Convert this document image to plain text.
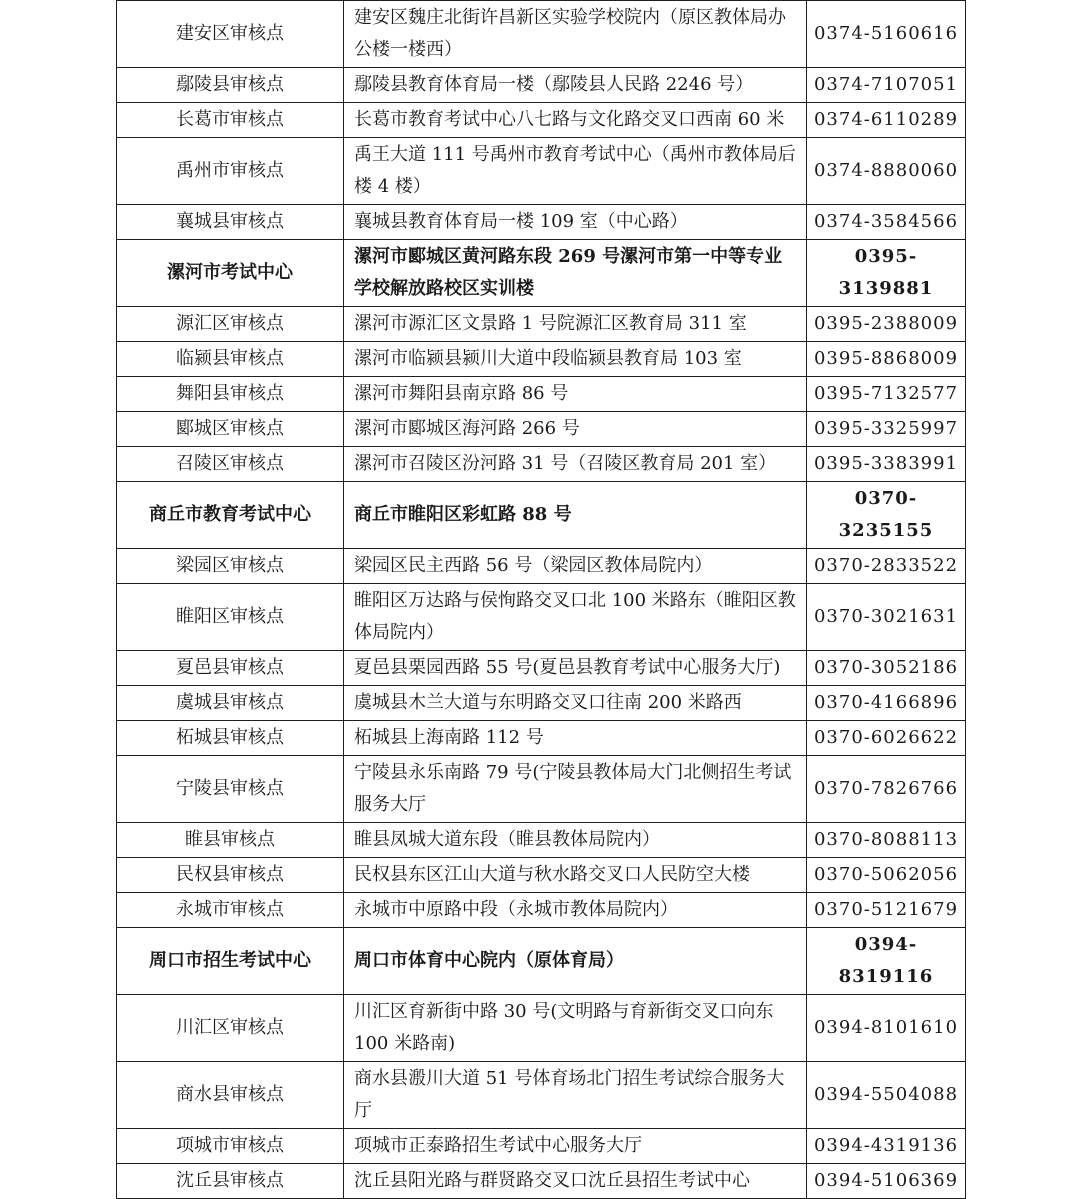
建安区审核点	建安区魏庄北街许昌新区实验学校院内（原区教体局办公楼一楼西）	0374-5160616
鄢陵县审核点	鄢陵县教育体育局一楼（鄢陵县人民路 2246 号）	0374-7107051
长葛市审核点	长葛市教育考试中心八七路与文化路交叉口西南 60 米	0374-6110289
禹州市审核点	禹王大道 111 号禹州市教育考试中心（禹州市教体局后楼 4 楼）	0374-8880060
襄城县审核点	襄城县教育体育局一楼 109 室（中心路）	0374-3584566
漯河市考试中心	漯河市郾城区黄河路东段 269 号漯河市第一中等专业学校解放路校区实训楼	0395-3139881
源汇区审核点	漯河市源汇区文景路 1 号院源汇区教育局 311 室	0395-2388009
临颍县审核点	漯河市临颍县颍川大道中段临颍县教育局 103 室	0395-8868009
舞阳县审核点	漯河市舞阳县南京路 86 号	0395-7132577
郾城区审核点	漯河市郾城区海河路 266 号	0395-3325997
召陵区审核点	漯河市召陵区汾河路 31 号（召陵区教育局 201 室）	0395-3383991
商丘市教育考试中心	商丘市睢阳区彩虹路 88 号	0370-3235155
梁园区审核点	梁园区民主西路 56 号（梁园区教体局院内）	0370-2833522
睢阳区审核点	睢阳区万达路与侯恂路交叉口北 100 米路东（睢阳区教体局院内）	0370-3021631
夏邑县审核点	夏邑县栗园西路 55 号(夏邑县教育考试中心服务大厅)	0370-3052186
虞城县审核点	虞城县木兰大道与东明路交叉口往南 200 米路西	0370-4166896
柘城县审核点	柘城县上海南路 112 号	0370-6026622
宁陵县审核点	宁陵县永乐南路 79 号(宁陵县教体局大门北侧招生考试服务大厅	0370-7826766
睢县审核点	睢县凤城大道东段（睢县教体局院内）	0370-8088113
民权县审核点	民权县东区江山大道与秋水路交叉口人民防空大楼	0370-5062056
永城市审核点	永城市中原路中段（永城市教体局院内）	0370-5121679
周口市招生考试中心	周口市体育中心院内（原体育局）	0394-8319116
川汇区审核点	川汇区育新街中路 30 号(文明路与育新街交叉口向东 100 米路南)	0394-8101610
商水县审核点	商水县溵川大道 51 号体育场北门招生考试综合服务大厅	0394-5504088
项城市审核点	项城市正泰路招生考试中心服务大厅	0394-4319136
沈丘县审核点	沈丘县阳光路与群贤路交叉口沈丘县招生考试中心	0394-5106369
